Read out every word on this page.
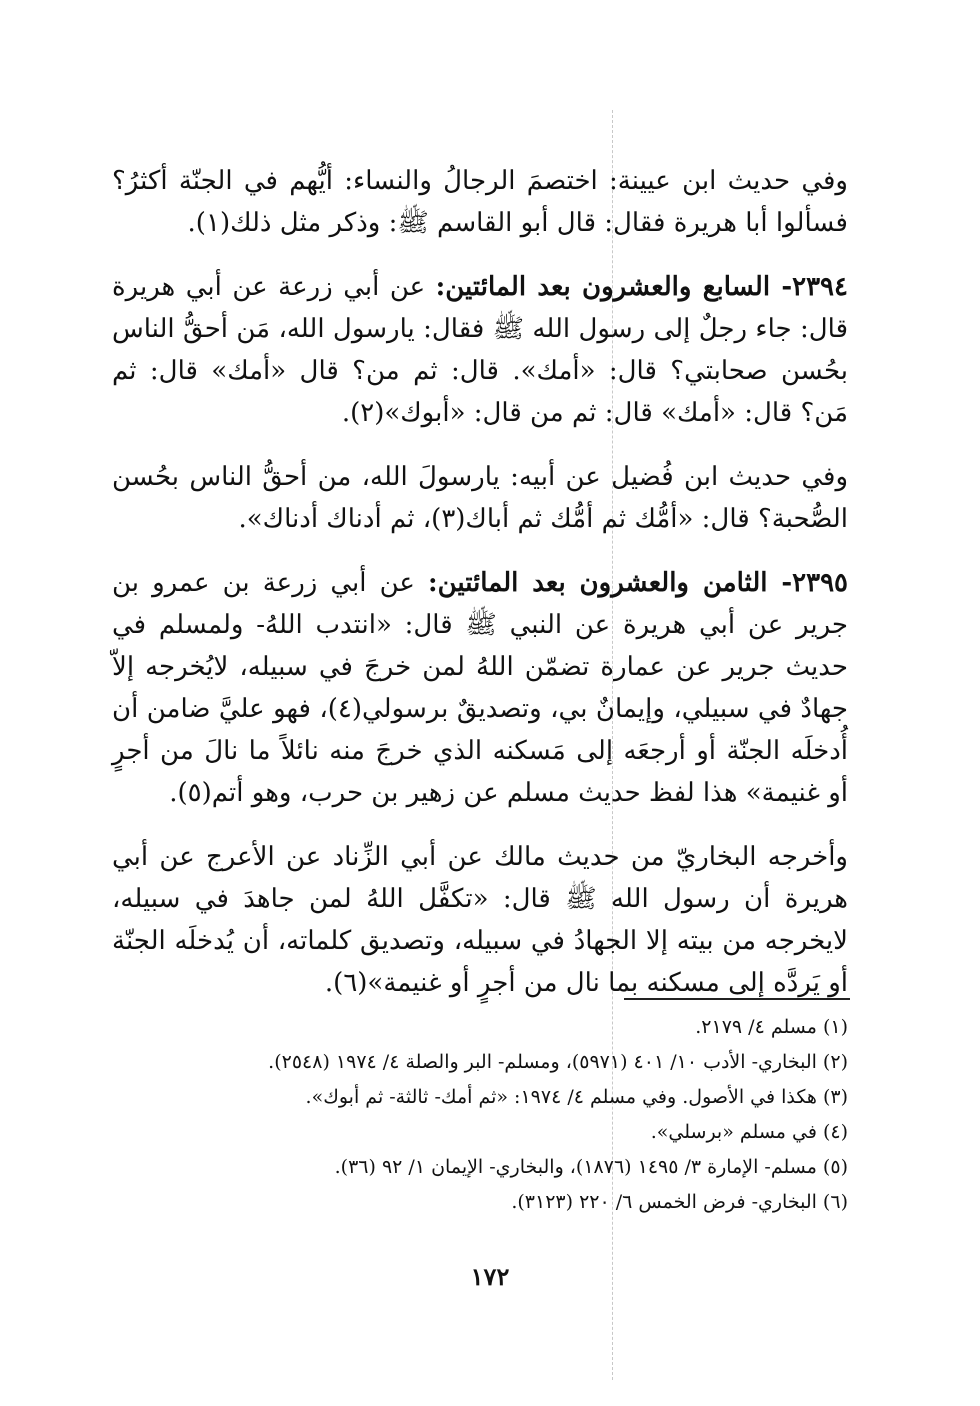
وفي حديث ابن عيينة: اختصمَ الرجالُ والنساء: أيُّهم في الجنّة أكثرُ؟ فسألوا أبا هريرة فقال: قال أبو القاسم ﷺ: وذكر مثل ذلك(١).

٢٣٩٤- السابع والعشرون بعد المائتين: عن أبي زرعة عن أبي هريرة قال: جاء رجلٌ إلى رسول الله ﷺ فقال: يارسول الله، مَن أحقُّ الناس بحُسن صحابتي؟ قال: «أمك». قال: ثم من؟ قال «أمك» قال: ثم مَن؟ قال: «أمك» قال: ثم من قال: «أبوك»(٢).

وفي حديث ابن فُضيل عن أبيه: يارسولَ الله، من أحقُّ الناس بحُسن الصُّحبة؟ قال: «أمُّك ثم أمُّك ثم أباك(٣)، ثم أدناك أدناك».

٢٣٩٥- الثامن والعشرون بعد المائتين: عن أبي زرعة بن عمرو بن جرير عن أبي هريرة عن النبي ﷺ قال: «انتدب اللهُ- ولمسلم في حديث جرير عن عمارة تضمّن اللهُ لمن خرجَ في سبيله، لايُخرجه إلاّ جهادٌ في سبيلي، وإيمانٌ بي، وتصديقٌ برسولي(٤)، فهو عليَّ ضامن أن أُدخلَه الجنّة أو أرجعَه إلى مَسكنه الذي خرجَ منه نائلاً ما نالَ من أجرٍ أو غنيمة» هذا لفظ حديث مسلم عن زهير بن حرب، وهو أتم(٥).

وأخرجه البخاريّ من حديث مالك عن أبي الزِّناد عن الأعرج عن أبي هريرة أن رسول الله ﷺ قال: «تكفَّل اللهُ لمن جاهدَ في سبيله، لايخرجه من بيته إلا الجهادُ في سبيله، وتصديق كلماته، أن يُدخلَه الجنّة أو يَردَّه إلى مسكنه بما نال من أجرٍ أو غنيمة»(٦).

(١) مسلم ٤/ ٢١٧٩.
(٢) البخاري- الأدب ١٠/ ٤٠١ (٥٩٧١)، ومسلم- البر والصلة ٤/ ١٩٧٤ (٢٥٤٨).
(٣) هكذا في الأصول. وفي مسلم ٤/ ١٩٧٤: «ثم أمك- ثالثة- ثم أبوك».
(٤) في مسلم «برسلي».
(٥) مسلم- الإمارة ٣/ ١٤٩٥ (١٨٧٦)، والبخاري- الإيمان ١/ ٩٢ (٣٦).
(٦) البخاري- فرض الخمس ٦/ ٢٢٠ (٣١٢٣).
١٧٢
